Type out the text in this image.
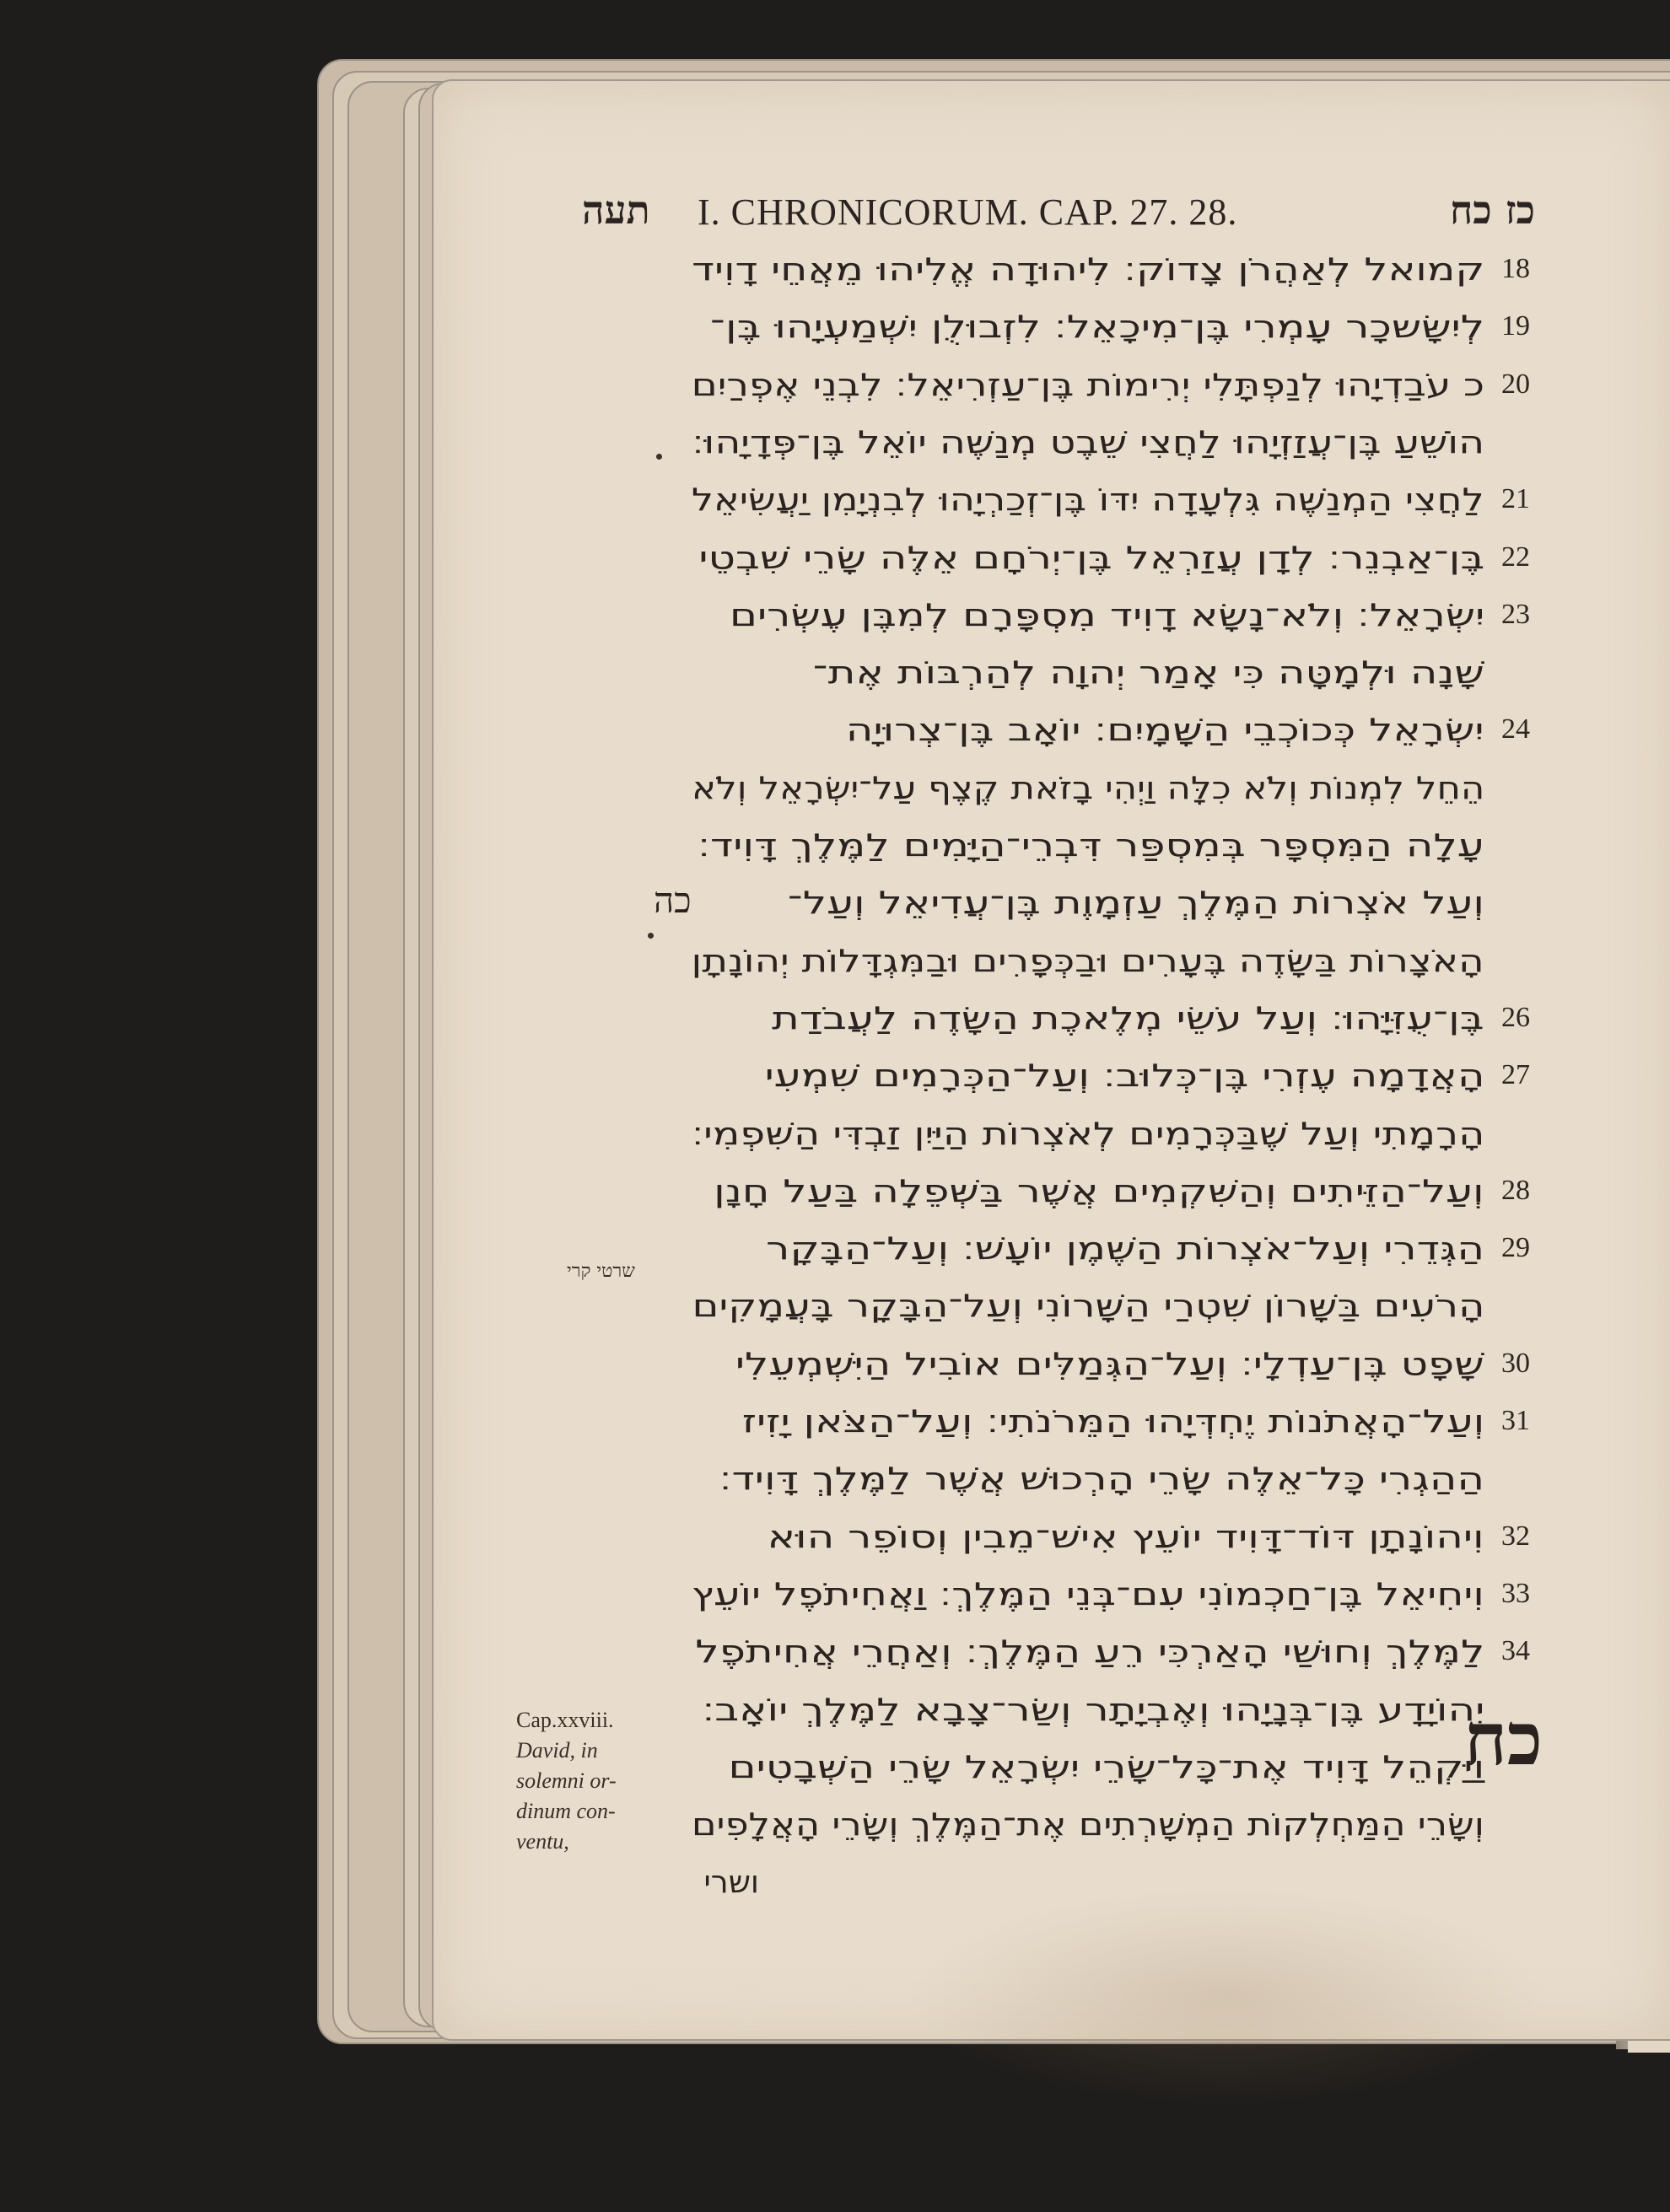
תעה I. CHRONICORUM. CAP. 27. 28.	כז כח
שרטי קרי
Cap.xxviii.
David, in
solemni or-
dinum con-
ventu,
כח
קמואל לְאַהֲרֹן צָדוֹק׃ לִיהוּדָה אֱלִיהוּ מֵאֲחֵי דָוִיד 18
לְיִשָּׂשכָר עָמְרִי בֶּן־מִיכָאֵל׃ לִזְבוּלֻן יִשְׁמַעְיָהוּ בֶּן־ 19
כ עֹבַדְיָהוּ לְנַפְתָּלִי יְרִימוֹת בֶּן־עַזְרִיאֵל׃ לִבְנֵי אֶפְרַיִם 20
הוֹשֵׁעַ בֶּן־עֲזַזְיָהוּ לַחֲצִי שֵׁבֶט מְנַשֶּׁה יוֹאֵל בֶּן־פְּדָיָהוּ׃
לַחֲצִי הַמְנַשֶּׁה גִּלְעָדָה יִדּוֹ בֶּן־זְכַרְיָהוּ לְבִנְיָמִן יַעֲשִׂיאֵל 21
בֶּן־אַבְנֵר׃ לְדָן עֲזַרְאֵל בֶּן־יְרֹחָם אֵלֶּה שָׂרֵי שִׁבְטֵי 22
יִשְׂרָאֵל׃ וְלֹא־נָשָׂא דָוִיד מִסְפָּרָם לְמִבֶּן עֶשְׂרִים 23
שָׁנָה וּלְמָטָּה כִּי אָמַר יְהוָה לְהַרְבּוֹת אֶת־
יִשְׂרָאֵל כְּכוֹכְבֵי הַשָּׁמָיִם׃ יוֹאָב בֶּן־צְרוּיָה 24
הֵחֵל לִמְנוֹת וְלֹא כִלָּה וַיְהִי בָזֹאת קֶצֶף עַל־יִשְׂרָאֵל וְלֹא
עָלָה הַמִּסְפָּר בְּמִסְפַּר דִּבְרֵי־הַיָּמִים לַמֶּלֶךְ דָּוִיד׃
וְעַל אֹצְרוֹת הַמֶּלֶךְ עַזְמָוֶת בֶּן־עֲדִיאֵל וְעַל־
כה
הָאֹצָרוֹת בַּשָּׂדֶה בֶּעָרִים וּבַכְּפָרִים וּבַמִּגְדָּלוֹת יְהוֹנָתָן
בֶּן־עֻזִּיָּהוּ׃ וְעַל עֹשֵׂי מְלֶאכֶת הַשָּׂדֶה לַעֲבֹדַת 26
הָאֲדָמָה עֶזְרִי בֶּן־כְּלוּב׃ וְעַל־הַכְּרָמִים שִׁמְעִי 27
הָרָמָתִי וְעַל שֶׁבַּכְּרָמִים לְאֹצְרוֹת הַיַּיִן זַבְדִּי הַשִּׁפְמִי׃
וְעַל־הַזֵּיתִים וְהַשִּׁקְמִים אֲשֶׁר בַּשְּׁפֵלָה בַּעַל חָנָן 28
הַגְּדֵרִי וְעַל־אֹצְרוֹת הַשֶּׁמֶן יוֹעָשׁ׃ וְעַל־הַבָּקָר 29
הָרֹעִים בַּשָּׁרוֹן שִׁטְרַי הַשָּׁרוֹנִי וְעַל־הַבָּקָר בָּעֲמָקִים
שָׁפָט בֶּן־עַדְלָי׃ וְעַל־הַגְּמַלִּים אוֹבִיל הַיִּשְׁמְעֵלִי 30
וְעַל־הָאֲתֹנוֹת יֶחְדְּיָהוּ הַמֵּרֹנֹתִי׃ וְעַל־הַצֹּאן יָזִיז 31
הַהַגְרִי כָּל־אֵלֶּה שָׂרֵי הָרְכוּשׁ אֲשֶׁר לַמֶּלֶךְ דָּוִיד׃
וִיהוֹנָתָן דּוֹד־דָּוִיד יוֹעֵץ אִישׁ־מֵבִין וְסוֹפֵר הוּא 32
וִיחִיאֵל בֶּן־חַכְמוֹנִי עִם־בְּנֵי הַמֶּלֶךְ׃ וַאֲחִיתֹפֶל יוֹעֵץ 33
לַמֶּלֶךְ וְחוּשַׁי הָאַרְכִּי רֵעַ הַמֶּלֶךְ׃ וְאַחֲרֵי אֲחִיתֹפֶל 34
יְהוֹיָדָע בֶּן־בְּנָיָהוּ וְאֶבְיָתָר וְשַׂר־צָבָא לַמֶּלֶךְ יוֹאָב׃
וַיַּקְהֵל דָּוִיד אֶת־כָּל־שָׂרֵי יִשְׂרָאֵל שָׂרֵי הַשְּׁבָטִים
וְשָׂרֵי הַמַּחְלְקוֹת הַמְשָׁרְתִים אֶת־הַמֶּלֶךְ וְשָׂרֵי הָאֲלָפִים
ושרי
